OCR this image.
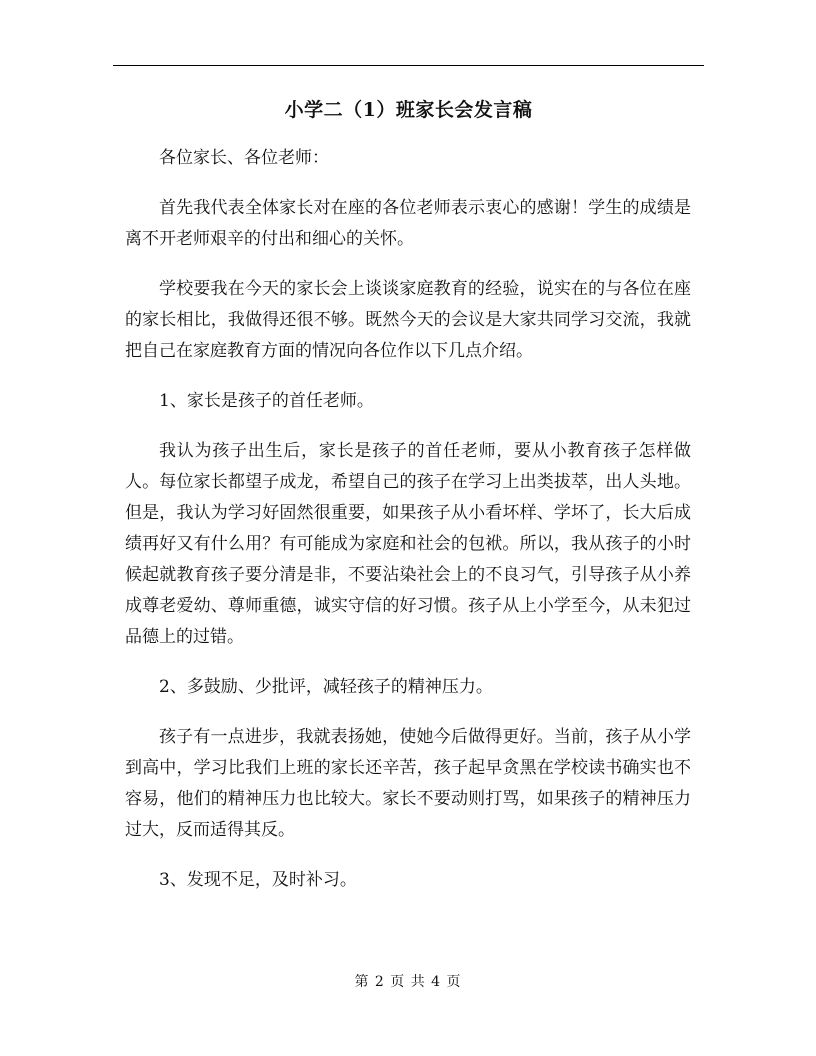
小学二（1）班家长会发言稿

各位家长、各位老师：

首先我代表全体家长对在座的各位老师表示衷心的感谢！学生的成绩是离不开老师艰辛的付出和细心的关怀。

学校要我在今天的家长会上谈谈家庭教育的经验，说实在的与各位在座的家长相比，我做得还很不够。既然今天的会议是大家共同学习交流，我就把自己在家庭教育方面的情况向各位作以下几点介绍。

1、家长是孩子的首任老师。

我认为孩子出生后，家长是孩子的首任老师，要从小教育孩子怎样做人。每位家长都望子成龙，希望自己的孩子在学习上出类拔萃，出人头地。但是，我认为学习好固然很重要，如果孩子从小看坏样、学坏了，长大后成绩再好又有什么用？有可能成为家庭和社会的包袱。所以，我从孩子的小时候起就教育孩子要分清是非，不要沾染社会上的不良习气，引导孩子从小养成尊老爱幼、尊师重德，诚实守信的好习惯。孩子从上小学至今，从未犯过品德上的过错。

2、多鼓励、少批评，减轻孩子的精神压力。

孩子有一点进步，我就表扬她，使她今后做得更好。当前，孩子从小学到高中，学习比我们上班的家长还辛苦，孩子起早贪黑在学校读书确实也不容易，他们的精神压力也比较大。家长不要动则打骂，如果孩子的精神压力过大，反而适得其反。

3、发现不足，及时补习。

第 2 页 共 4 页
